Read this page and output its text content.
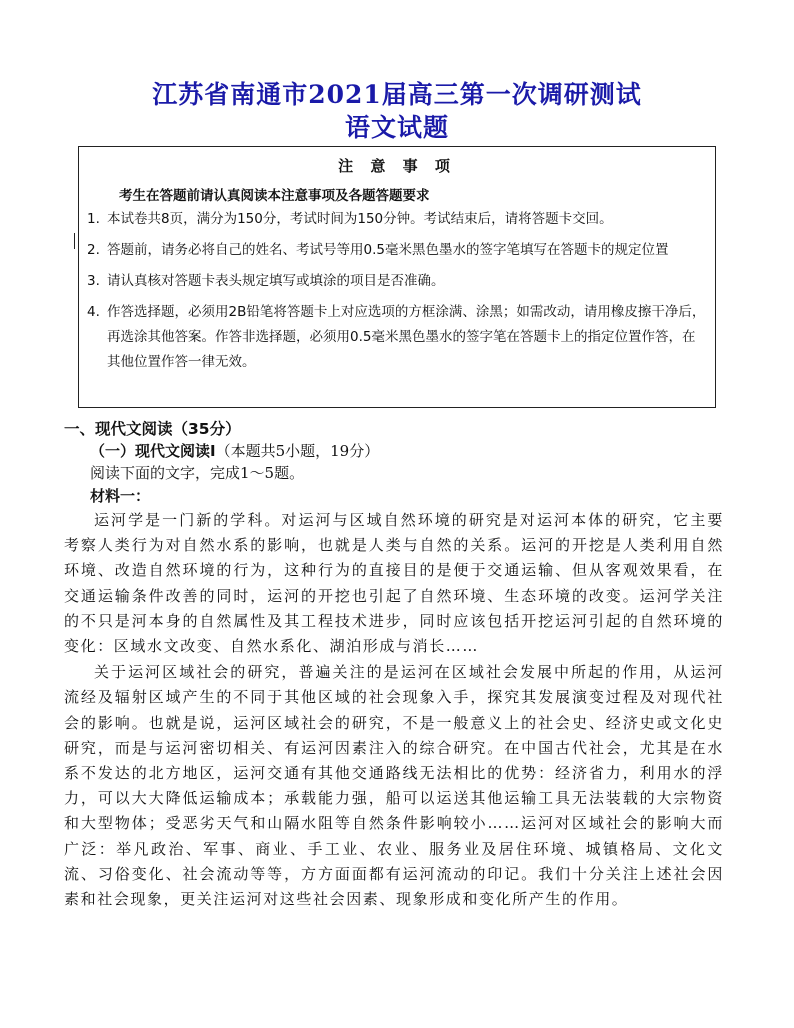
江苏省南通市2021届高三第一次调研测试
语文试题
注 意 事 项
考生在答题前请认真阅读本注意事项及各题答题要求
1. 本试卷共8页，满分为150分，考试时间为150分钟。考试结束后，请将答题卡交回。
2. 答题前，请务必将自己的姓名、考试号等用0.5毫米黑色墨水的签字笔填写在答题卡的规定位置
3. 请认真核对答题卡表头规定填写或填涂的项目是否准确。
4. 作答选择题，必须用2B铅笔将答题卡上对应选项的方框涂满、涂黑；如需改动，请用橡皮擦干净后，再选涂其他答案。作答非选择题，必须用0.5毫米黑色墨水的签字笔在答题卡上的指定位置作答，在其他位置作答一律无效。

一、现代文阅读（35分）

（一）现代文阅读Ⅰ（本题共5小题，19分）

阅读下面的文字，完成1～5题。

材料一：

运河学是一门新的学科。对运河与区域自然环境的研究是对运河本体的研究，它主要考察人类行为对自然水系的影响，也就是人类与自然的关系。运河的开挖是人类利用自然环境、改造自然环境的行为，这种行为的直接目的是便于交通运输、但从客观效果看，在交通运输条件改善的同时，运河的开挖也引起了自然环境、生态环境的改变。运河学关注的不只是河本身的自然属性及其工程技术进步，同时应该包括开挖运河引起的自然环境的变化：区域水文改变、自然水系化、湖泊形成与消长……

关于运河区域社会的研究，普遍关注的是运河在区域社会发展中所起的作用，从运河流经及辐射区域产生的不同于其他区域的社会现象入手，探究其发展演变过程及对现代社会的影响。也就是说，运河区域社会的研究，不是一般意义上的社会史、经济史或文化史研究，而是与运河密切相关、有运河因素注入的综合研究。在中国古代社会，尤其是在水系不发达的北方地区，运河交通有其他交通路线无法相比的优势：经济省力，利用水的浮力，可以大大降低运输成本；承载能力强，船可以运送其他运输工具无法装载的大宗物资和大型物体；受恶劣天气和山隔水阻等自然条件影响较小……运河对区域社会的影响大而广泛：举凡政治、军事、商业、手工业、农业、服务业及居住环境、城镇格局、文化文流、习俗变化、社会流动等等，方方面面都有运河流动的印记。我们十分关注上述社会因素和社会现象，更关注运河对这些社会因素、现象形成和变化所产生的作用。
